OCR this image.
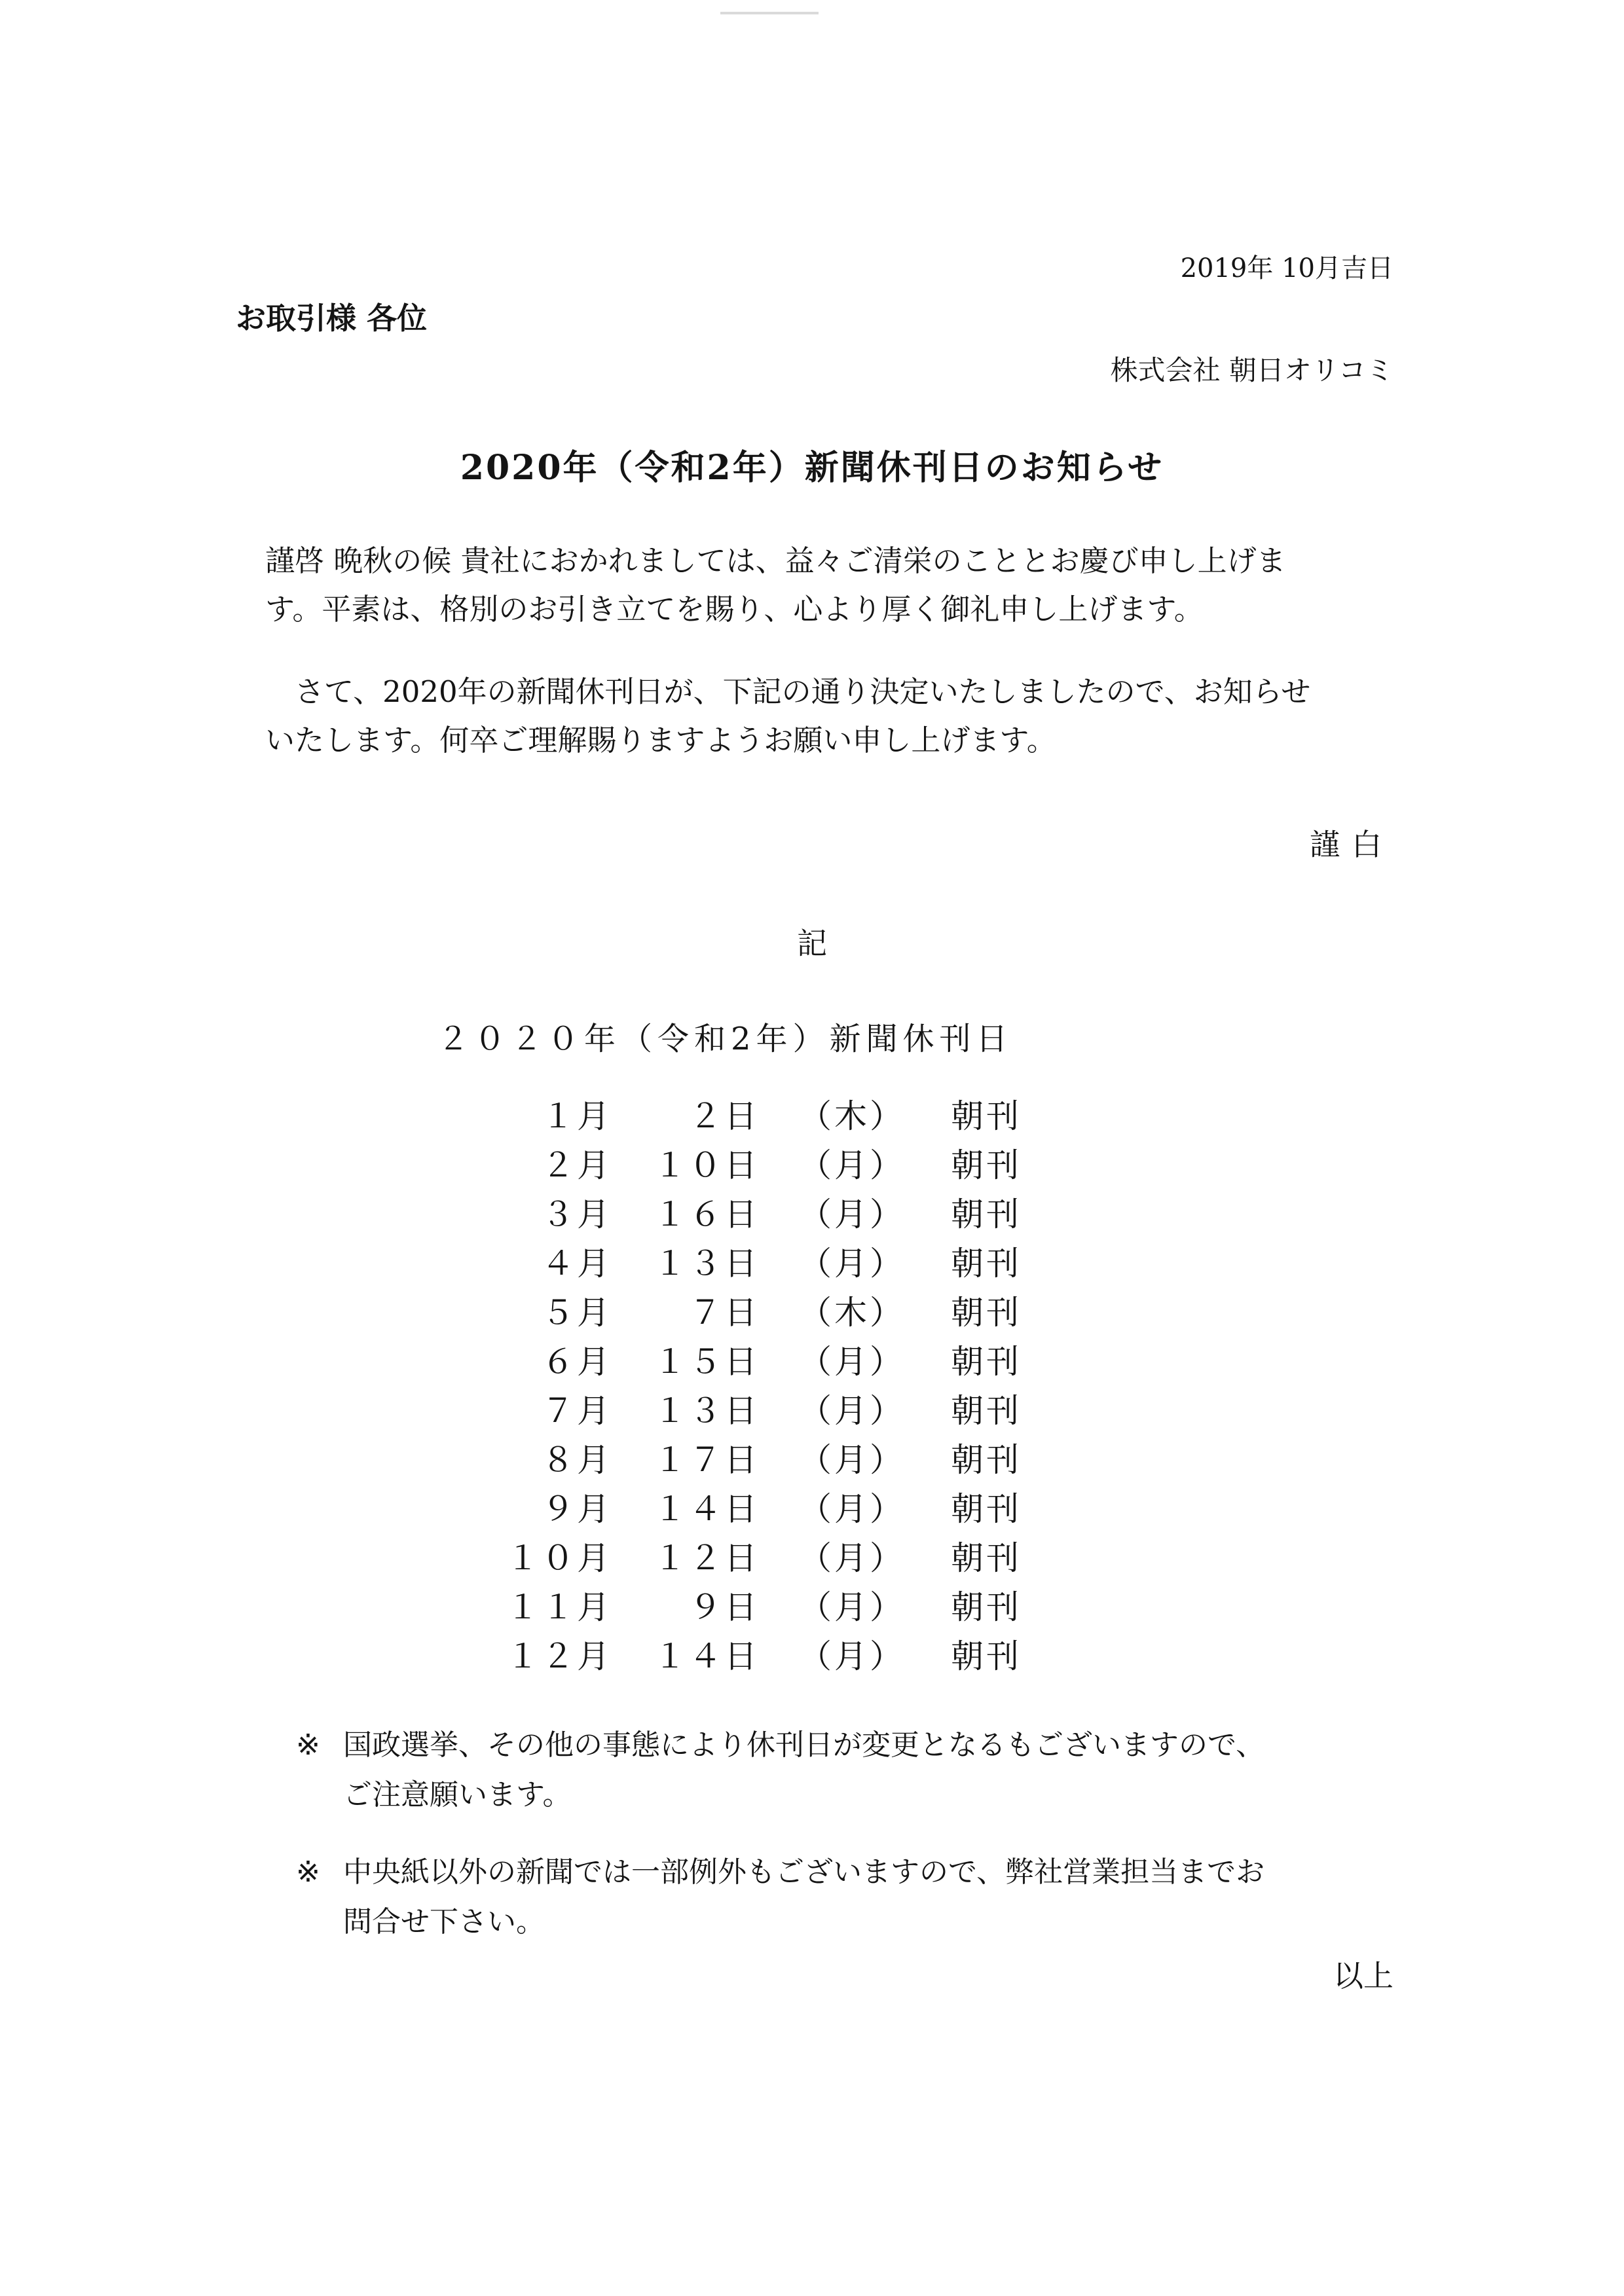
2019年 10月吉日
お取引様 各位
株式会社 朝日オリコミ
2020年（令和2年）新聞休刊日のお知らせ

謹啓 晩秋の候 貴社におかれましては、益々ご清栄のこととお慶び申し上げま

す。平素は、格別のお引き立てを賜り、心より厚く御礼申し上げます。

さて、2020年の新聞休刊日が、下記の通り決定いたしましたので、お知らせ

いたします。何卒ご理解賜りますようお願い申し上げます。

謹白
記
２０２０年（令和2年）新聞休刊日
１月 ２日 （木） 朝刊
２月 １０日 （月） 朝刊
３月 １６日 （月） 朝刊
４月 １３日 （月） 朝刊
５月 ７日 （木） 朝刊
６月 １５日 （月） 朝刊
７月 １３日 （月） 朝刊
８月 １７日 （月） 朝刊
９月 １４日 （月） 朝刊
１０月 １２日 （月） 朝刊
１１月 ９日 （月） 朝刊
１２月 １４日 （月） 朝刊
※ 国政選挙、その他の事態により休刊日が変更となるもございますので、

ご注意願います。

※ 中央紙以外の新聞では一部例外もございますので、弊社営業担当までお

問合せ下さい。

以上
